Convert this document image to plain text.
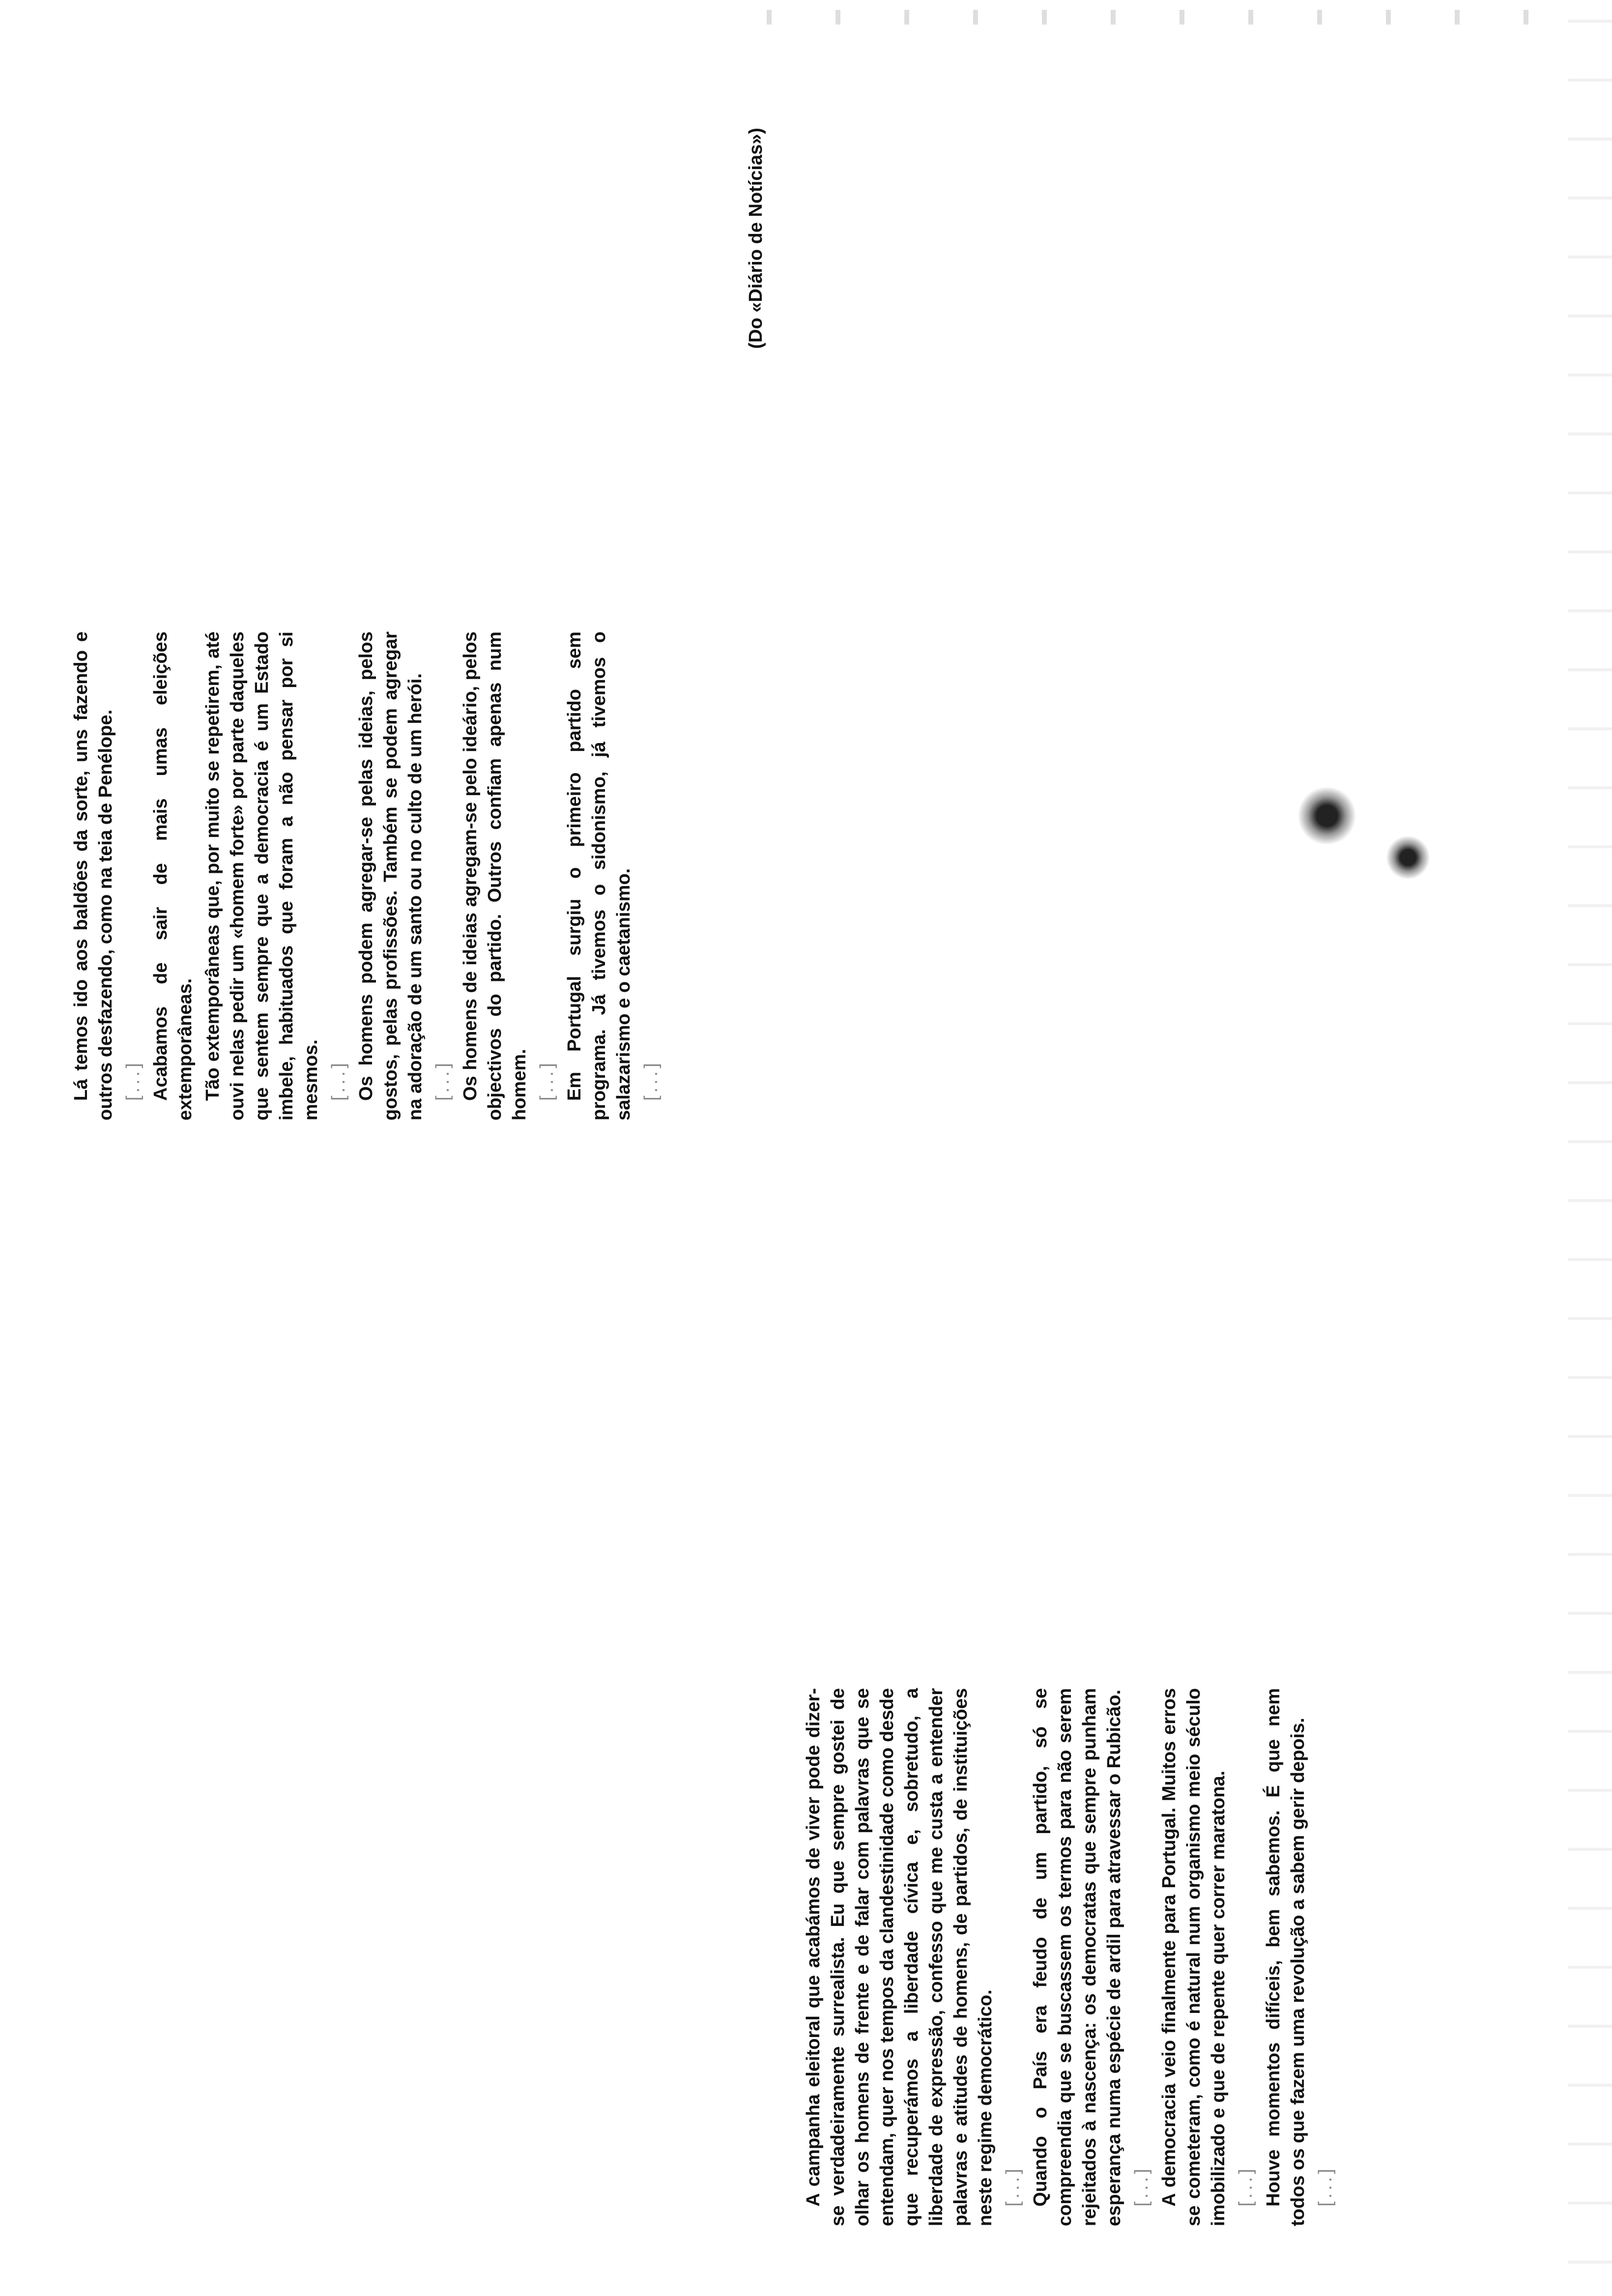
Lá temos ido aos baldões da sorte, uns fazendo e outros desfazendo, como na teia de Penélope. [...] Acabamos de sair de mais umas eleições extemporâneas. Tão extemporâneas que, por muito se repetirem, até ouvi nelas pedir um «homem forte» por parte daqueles que sentem sempre que a democracia é um Estado imbele, habituados que foram a não pensar por si mesmos. [...] Os homens podem agregar-se pelas ideias, pelos gostos, pelas profissões. Também se podem agregar na adoração de um santo ou no culto de um herói. [...] Os homens de ideias agregam-se pelo ideário, pelos objectivos do partido. Outros confiam apenas num homem. [...] Em Portugal surgiu o primeiro partido sem programa. Já tivemos o sidonismo, já tivemos o salazarismo e o caetanismo. [...]

A campanha eleitoral que acabámos de viver pode dizer-se verdadeiramente surrealista. Eu que sempre gostei de olhar os homens de frente e de falar com palavras que se entendam, quer nos tempos da clandestinidade como desde que recuperámos a liberdade cívica e, sobretudo, a liberdade de expressão, confesso que me custa a entender palavras e atitudes de homens, de partidos, de instituições neste regime democrático. [...] Quando o País era feudo de um partido, só se compreendia que se buscassem os termos para não serem rejeitados à nascença: os democratas que sempre punham esperança numa espécie de ardil para atravessar o Rubicão. [...] A democracia veio finalmente para Portugal. Muitos erros se cometeram, como é natural num organismo meio século imobilizado e que de repente quer correr maratona. [...] Houve momentos difíceis, bem sabemos. É que nem todos os que fazem uma revolução a sabem gerir depois. [...]

(Do «Diário de Notícias»)
